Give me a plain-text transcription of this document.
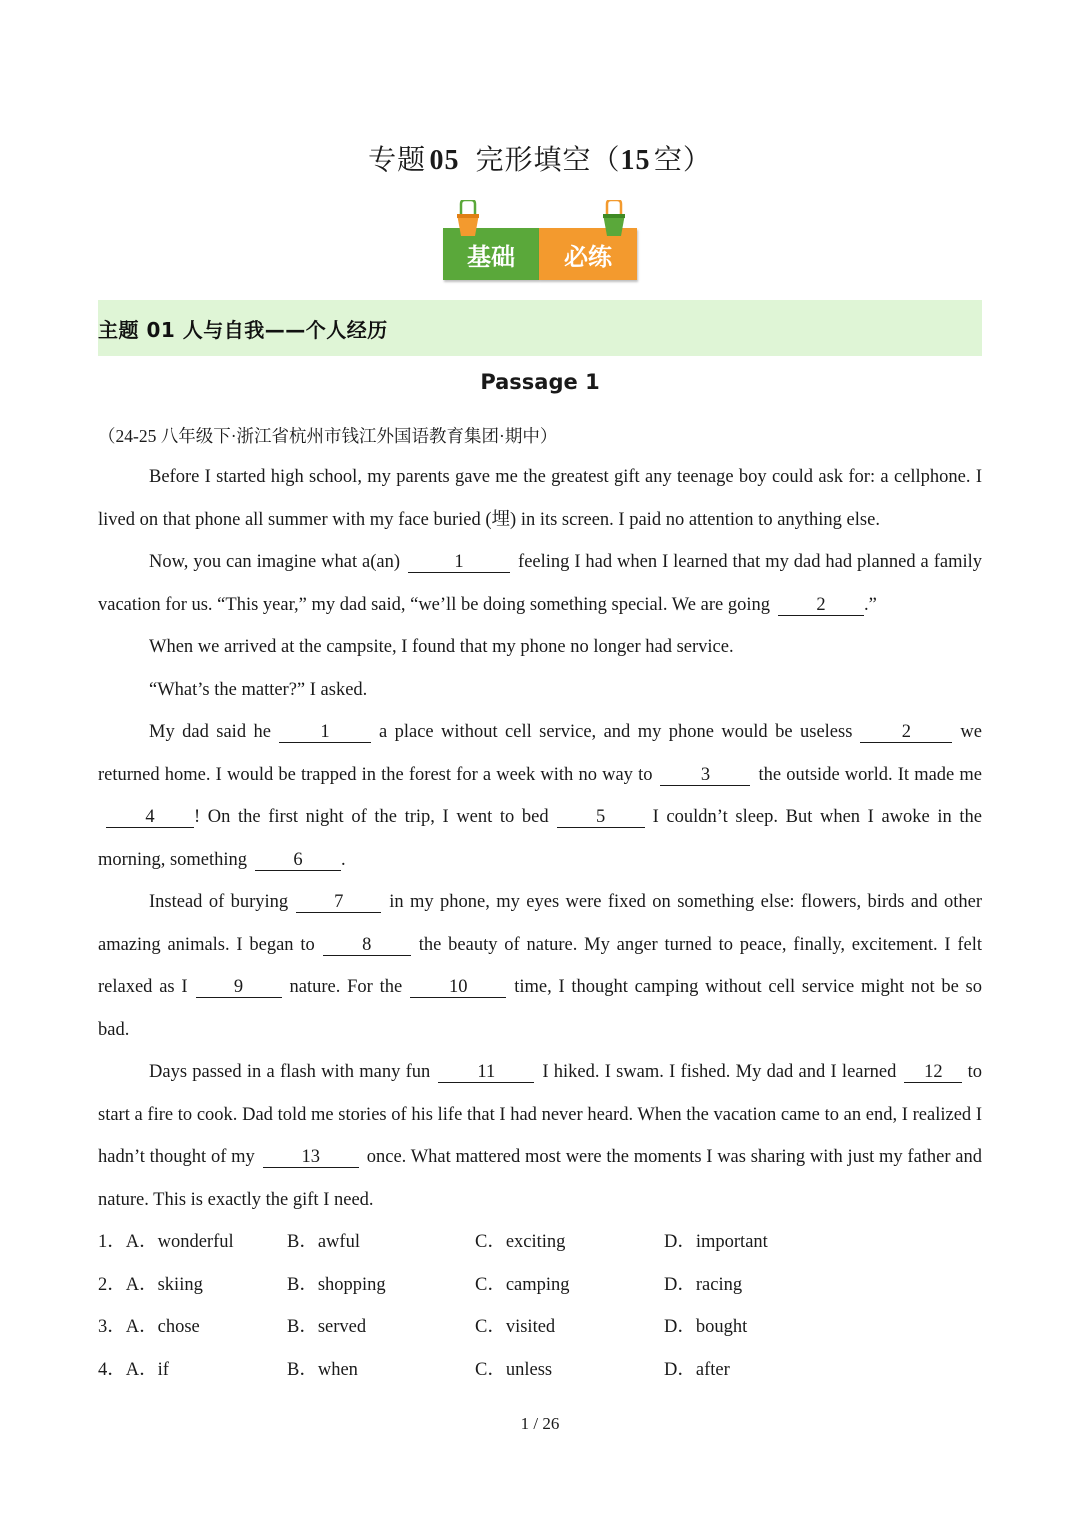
专题  05 完形填空（15  空）
基础	必练
主题 01 人与自我——个人经历
Passage 1
（24-25 八年级下·浙江省杭州市钱江外国语教育集团·期中）

Before I started high school, my parents gave me the greatest gift any teenage boy could ask for: a cellphone. I lived on that phone all summer with my face buried (埋) in its screen. I paid no attention to anything else.

Now, you can imagine what a(an)	1	feeling I had when I learned that my dad had planned a family vacation for us. “This year,” my dad said, “we’ll be doing something special. We are going	2 .”

When we arrived at the campsite, I found that my phone no longer had service.

“What’s the matter?” I asked.

My dad said he	1	a place without cell service, and my phone would be useless	2	we returned home. I would be trapped in the forest for a week with no way to	3	the outside world. It made me4 ! On the first night of the trip, I went to bed	5	I couldn’t sleep. But when I awoke in the morning, something	6 .

Instead of burying 7 in my phone, my eyes were fixed on something else: flowers, birds and other amazing animals. I began to	8	the beauty of nature. My anger turned to peace, finally, excitement. I felt relaxed as I	9	nature. For the	10	time, I thought camping without cell service might not be so bad.

Days passed in a flash with many fun	11	I hiked. I swam. I fished. My dad and I learned 12 to start a fire to cook. Dad told me stories of his life that I had never heard. When the vacation came to an end, I realized I hadn’t thought of my	13	once. What mattered most were the moments I was sharing with just my father and nature. This is exactly the gift I need.

1．A．wonderful	B．awful	C．exciting	D．important
2．A．skiing	B．shopping	C．camping	D．racing
3．A．chose	B．served	C．visited	D．bought
4．A．if	B．when	C．unless	D．after
1 / 26
